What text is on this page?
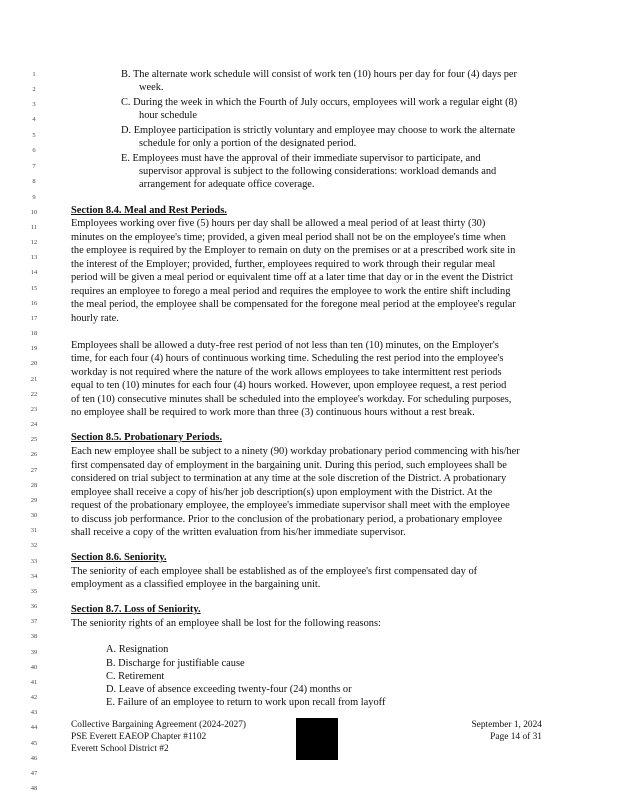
1
2
3
4
5
6
7
8
9
10
11
12
13
14
15
16
17
18
19
20
21
22
23
24
25
26
27
28
29
30
31
32
33
34
35
36
37
38
39
40
41
42
43
44
45
46
47
48
B. The alternate work schedule will consist of work ten (10) hours per day for four (4) days per
week.
C. During the week in which the Fourth of July occurs, employees will work a regular eight (8)
hour schedule
D. Employee participation is strictly voluntary and employee may choose to work the alternate
schedule for only a portion of the designated period.
E. Employees must have the approval of their immediate supervisor to participate, and
supervisor approval is subject to the following considerations: workload demands and
arrangement for adequate office coverage.
Section 8.4. Meal and Rest Periods.
Employees working over five (5) hours per day shall be allowed a meal period of at least thirty (30)
minutes on the employee's time; provided, a given meal period shall not be on the employee's time when
the employee is required by the Employer to remain on duty on the premises or at a prescribed work site in
the interest of the Employer; provided, further, employees required to work through their regular meal
period will be given a meal period or equivalent time off at a later time that day or in the event the District
requires an employee to forego a meal period and requires the employee to work the entire shift including
the meal period, the employee shall be compensated for the foregone meal period at the employee's regular
hourly rate.
Employees shall be allowed a duty-free rest period of not less than ten (10) minutes, on the Employer's
time, for each four (4) hours of continuous working time. Scheduling the rest period into the employee's
workday is not required where the nature of the work allows employees to take intermittent rest periods
equal to ten (10) minutes for each four (4) hours worked. However, upon employee request, a rest period
of ten (10) consecutive minutes shall be scheduled into the employee's workday. For scheduling purposes,
no employee shall be required to work more than three (3) continuous hours without a rest break.
Section 8.5. Probationary Periods.
Each new employee shall be subject to a ninety (90) workday probationary period commencing with his/her
first compensated day of employment in the bargaining unit. During this period, such employees shall be
considered on trial subject to termination at any time at the sole discretion of the District. A probationary
employee shall receive a copy of his/her job description(s) upon employment with the District. At the
request of the probationary employee, the employee's immediate supervisor shall meet with the employee
to discuss job performance. Prior to the conclusion of the probationary period, a probationary employee
shall receive a copy of the written evaluation from his/her immediate supervisor.
Section 8.6. Seniority.
The seniority of each employee shall be established as of the employee's first compensated day of
employment as a classified employee in the bargaining unit.
Section 8.7. Loss of Seniority.
The seniority rights of an employee shall be lost for the following reasons:
A. Resignation
B. Discharge for justifiable cause
C. Retirement
D. Leave of absence exceeding twenty-four (24) months or
E. Failure of an employee to return to work upon recall from layoff
Collective Bargaining Agreement (2024-2027)
PSE Everett EAEOP Chapter #1102
Everett School District #2
September 1, 2024
Page 14 of 31
